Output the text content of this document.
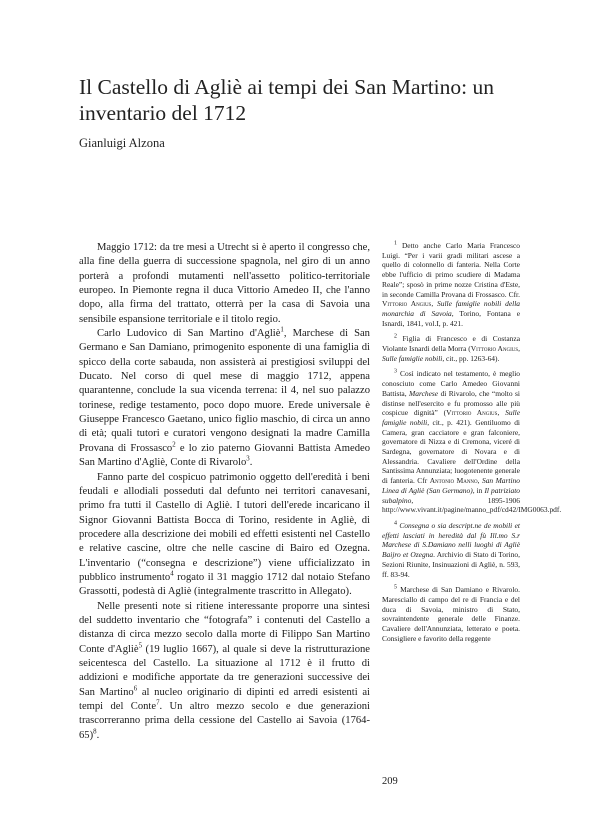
Il Castello di Agliè ai tempi dei San Martino: un inventario del 1712
Gianluigi Alzona

Maggio 1712: da tre mesi a Utrecht si è aperto il congresso che, alla fine della guerra di successione spagnola, nel giro di un anno porterà a profondi mutamenti nell'assetto politico-territoriale europeo. In Piemonte regna il duca Vittorio Amedeo II, che l'anno dopo, alla firma del trattato, otterrà per la casa di Savoia una sensibile espansione territoriale e il titolo regio.

Carlo Ludovico di San Martino d'Agliè$^1$, Marchese di San Germano e San Damiano, primogenito esponente di una famiglia di spicco della corte sabauda, non assisterà ai prestigiosi sviluppi del Ducato. Nel corso di quel mese di maggio 1712, appena quarantenne, conclude la sua vicenda terrena: il 4, nel suo palazzo torinese, redige testamento, poco dopo muore. Erede universale è Giuseppe Francesco Gaetano, unico figlio maschio, di circa un anno di età; quali tutori e curatori vengono designati la madre Camilla Provana di Frossasco$^2$ e lo zio paterno Giovanni Battista Amedeo San Martino d'Agliè, Conte di Rivarolo$^3$.

Fanno parte del cospicuo patrimonio oggetto dell'eredità i beni feudali e allodiali posseduti dal defunto nei territori canavesani, primo fra tutti il Castello di Agliè. I tutori dell'erede incaricano il Signor Giovanni Battista Bocca di Torino, residente in Agliè, di procedere alla descrizione dei mobili ed effetti esistenti nel Castello e relative cascine, oltre che nelle cascine di Bairo ed Ozegna. L'inventario (“consegna e descrizione”) viene ufficializzato in pubblico instrumento$^4$ rogato il 31 maggio 1712 dal notaio Stefano Grassotti, podestà di Agliè (integralmente trascritto in Allegato).

Nelle presenti note si ritiene interessante proporre una sintesi del suddetto inventario che “fotografa” i contenuti del Castello a distanza di circa mezzo secolo dalla morte di Filippo San Martino Conte d'Agliè$^5$ (19 luglio 1667), al quale si deve la ristrutturazione seicentesca del Castello. La situazione al 1712 è il frutto di addizioni e modifiche apportate da tre generazioni successive dei San Martino$^6$ al nucleo originario di dipinti ed arredi esistenti ai tempi del Conte$^7$. Un altro mezzo secolo e due generazioni trascorreranno prima della cessione del Castello ai Savoia (1764-65)$^8$.

$^1$ Detto anche Carlo Maria Francesco Luigi. “Per i varii gradi militari ascese a quello di colonnello di fanteria. Nella Corte ebbe l'ufficio di primo scudiere di Madama Reale”; sposò in prime nozze Cristina d'Este, in seconde Camilla Provana di Frossasco. Cfr. Vittorio Angius, Sulle famiglie nobili della monarchia di Savoia, Torino, Fontana e Isnardi, 1841, vol.I, p. 421.

$^2$ Figlia di Francesco e di Costanza Violante Isnardi della Morra (Vittorio Angius, Sulle famiglie nobili, cit., pp. 1263-64).

$^3$ Così indicato nel testamento, è meglio conosciuto come Carlo Amedeo Giovanni Battista, Marchese di Rivarolo, che “molto si distinse nell'esercito e fu promosso alle più cospicue dignità” (Vittorio Angius, Sulle famiglie nobili, cit., p. 421). Gentiluomo di Camera, gran cacciatore e gran falconiere, governatore di Nizza e di Cremona, viceré di Sardegna, governatore di Novara e di Alessandria. Cavaliere dell'Ordine della Santissima Annunziata; luogotenente generale di fanteria. Cfr Antonio Manno, San Martino Linea di Agliè (San Germano), in Il patriziato subalpino, 1895-1906 http://www.vivant.it/pagine/manno_pdf/cd42/IMG0063.pdf.

$^4$ Consegna o sia descript.ne de mobili et effetti lasciati in heredità dal fù Ill.mo S.r Marchese di S.Damiano nelli luoghi di Agliè Baijro et Ozegna. Archivio di Stato di Torino, Sezioni Riunite, Insinuazioni di Agliè, n. 593, ff. 83-94.

$^5$ Marchese di San Damiano e Rivarolo. Maresciallo di campo del re di Francia e del duca di Savoia, ministro di Stato, sovraintendente generale delle Finanze. Cavaliere dell'Annunziata, letterato e poeta. Consigliere e favorito della reggente

209
